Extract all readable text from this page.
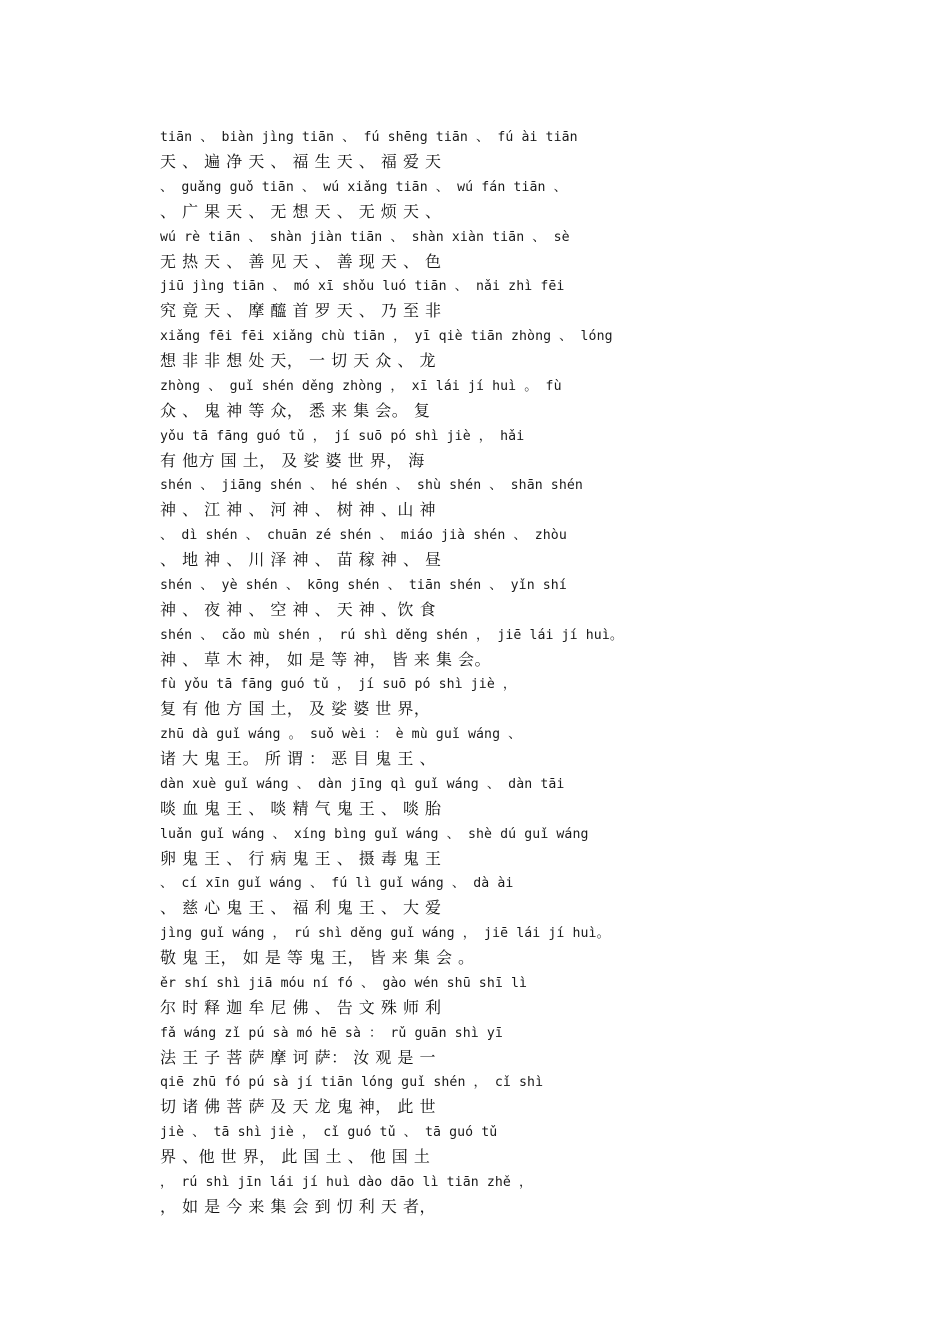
tiān 、 biàn jìng tiān 、 fú shēng tiān 、 fú ài tiān
天 、 遍 净 天 、 福 生 天 、 福 爱 天
、 guǎng guǒ tiān 、 wú xiǎng tiān 、 wú fán tiān 、
、 广 果 天 、 无 想 天 、 无 烦 天 、
wú rè tiān 、 shàn jiàn tiān 、 shàn xiàn tiān 、 sè
无 热 天 、 善 见 天 、 善 现 天 、 色
jiū jìng tiān 、 mó xī shǒu luó tiān 、 nǎi zhì fēi
究 竟 天 、 摩 醯 首 罗 天 、 乃 至 非
xiǎng fēi fēi xiǎng chù tiān ， yī qiè tiān zhòng 、 lóng
想 非 非 想 处 天， 一 切 天 众 、 龙
zhòng 、 guǐ shén děng zhòng ， xī lái jí huì 。 fù
众 、 鬼 神 等 众， 悉 来 集 会。 复
yǒu tā fāng guó tǔ ， jí suō pó shì jiè ， hǎi
有 他方 国 土， 及 娑 婆 世 界， 海
shén 、 jiāng shén 、 hé shén 、 shù shén 、 shān shén
神 、 江 神 、 河 神 、 树 神 、山 神
、 dì shén 、 chuān zé shén 、 miáo jià shén 、 zhòu
、 地 神 、 川 泽 神 、 苗 稼 神 、 昼
shén 、 yè shén 、 kōng shén 、 tiān shén 、 yǐn shí
神 、 夜 神 、 空 神 、 天 神 、饮 食
shén 、 cǎo mù shén ， rú shì děng shén ， jiē lái jí huì。
神 、 草 木 神， 如 是 等 神， 皆 来 集 会。
fù yǒu tā fāng guó tǔ ， jí suō pó shì jiè ，
复 有 他 方 国 土， 及 娑 婆 世 界，
zhū dà guǐ wáng 。 suǒ wèi ： è mù guǐ wáng 、
诸 大 鬼 王。 所 谓 ： 恶 目 鬼 王 、
dàn xuè guǐ wáng 、 dàn jīng qì guǐ wáng 、 dàn tāi
啖 血 鬼 王 、 啖 精 气 鬼 王 、 啖 胎
luǎn guǐ wáng 、 xíng bìng guǐ wáng 、 shè dú guǐ wáng
卵 鬼 王 、 行 病 鬼 王 、 摄 毒 鬼 王
、 cí xīn guǐ wáng 、 fú lì guǐ wáng 、 dà ài
、 慈 心 鬼 王 、 福 利 鬼 王 、 大 爱
jìng guǐ wáng ， rú shì děng guǐ wáng ， jiē lái jí huì。
敬 鬼 王， 如 是 等 鬼 王， 皆 来 集 会 。
ěr shí shì jiā móu ní fó 、 gào wén shū shī lì
尔 时 释 迦 牟 尼 佛 、 告 文 殊 师 利
fǎ wáng zǐ pú sà mó hē sà ： rǔ guān shì yī
法 王 子 菩 萨 摩 诃 萨： 汝 观 是 一
qiē zhū fó pú sà jí tiān lóng guǐ shén ， cǐ shì
切 诸 佛 菩 萨 及 天 龙 鬼 神， 此 世
jiè 、 tā shì jiè ， cǐ guó tǔ 、 tā guó tǔ
界 、他 世 界， 此 国 土 、 他 国 土
， rú shì jīn lái jí huì dào dāo lì tiān zhě ，
， 如 是 今 来 集 会 到 忉 利 天 者，
